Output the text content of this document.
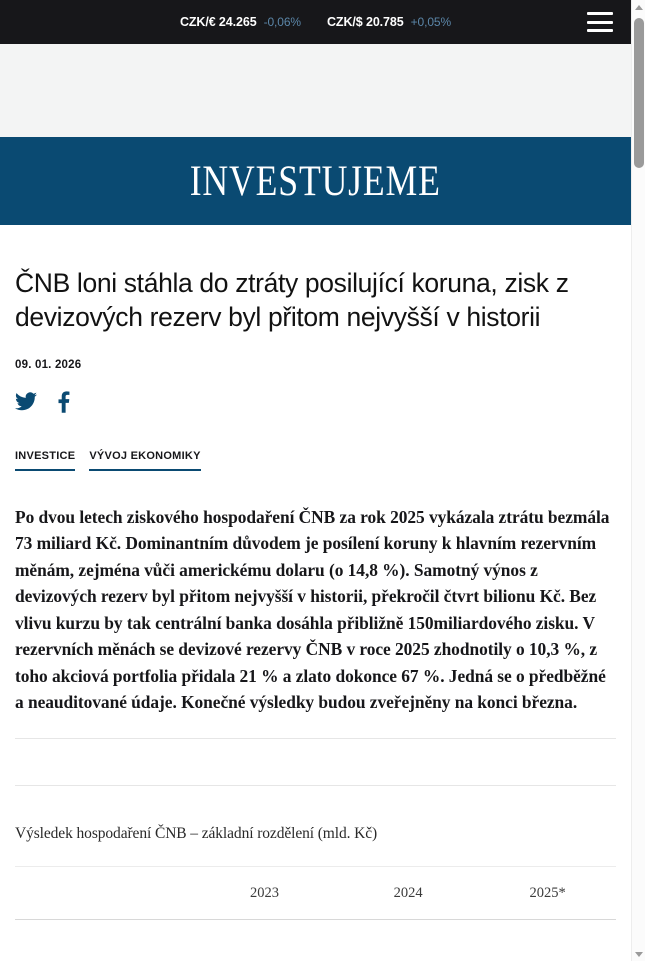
CZK/€ 24.265 -0,06% CZK/$ 20.785 +0,05%
INVESTUJEME
ČNB loni stáhla do ztráty posilující koruna, zisk z devizových rezerv byl přitom nejvyšší v historii
09. 01. 2026
INVESTICE VÝVOJ EKONOMIKY

Po dvou letech ziskového hospodaření ČNB za rok 2025 vykázala ztrátu bezmála 73 miliard Kč. Dominantním důvodem je posílení koruny k hlavním rezervním měnám, zejména vůči americkému dolaru (o 14,8 %). Samotný výnos z devizových rezerv byl přitom nejvyšší v historii, překročil čtvrt bilionu Kč. Bez vlivu kurzu by tak centrální banka dosáhla přibližně 150miliardového zisku. V rezervních měnách se devizové rezervy ČNB v roce 2025 zhodnotily o 10,3 %, z toho akciová portfolia přidala 21 % a zlato dokonce 67 %. Jedná se o předběžné a neauditované údaje. Konečné výsledky budou zveřejněny na konci března.

Výsledek hospodaření ČNB – základní rozdělení (mld. Kč)
	2023	2024	2025*
